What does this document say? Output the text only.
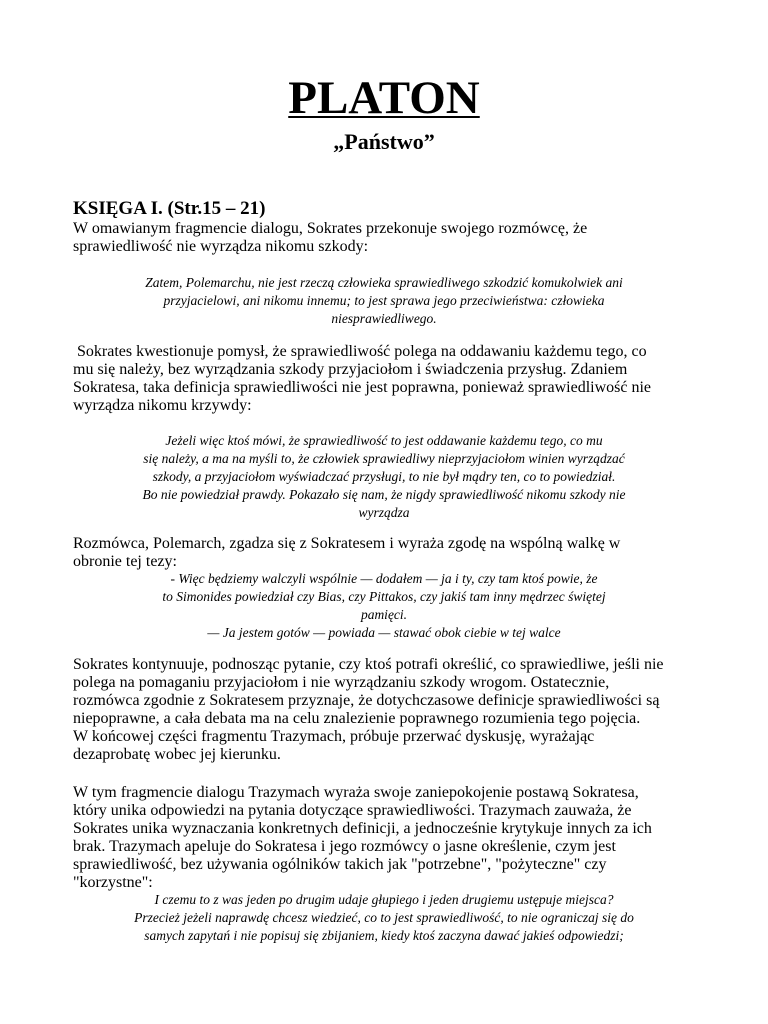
PLATON
„Państwo”
KSIĘGA I. (Str.15 – 21)

W omawianym fragmencie dialogu, Sokrates przekonuje swojego rozmówcę, że

sprawiedliwość nie wyrządza nikomu szkody:

Zatem, Polemarchu, nie jest rzeczą człowieka sprawiedliwego szkodzić komukolwiek ani

przyjacielowi, ani nikomu innemu; to jest sprawa jego przeciwieństwa: człowieka

niesprawiedliwego.

Sokrates kwestionuje pomysł, że sprawiedliwość polega na oddawaniu każdemu tego, co

mu się należy, bez wyrządzania szkody przyjaciołom i świadczenia przysług. Zdaniem

Sokratesa, taka definicja sprawiedliwości nie jest poprawna, ponieważ sprawiedliwość nie

wyrządza nikomu krzywdy:

Jeżeli więc ktoś mówi, że sprawiedliwość to jest oddawanie każdemu tego, co mu

się należy, a ma na myśli to, że człowiek sprawiedliwy nieprzyjaciołom winien wyrządzać

szkody, a przyjaciołom wyświadczać przysługi, to nie był mądry ten, co to powiedział.

Bo nie powiedział prawdy. Pokazało się nam, że nigdy sprawiedliwość nikomu szkody nie

wyrządza

Rozmówca, Polemarch, zgadza się z Sokratesem i wyraża zgodę na wspólną walkę w

obronie tej tezy:

- Więc będziemy walczyli wspólnie — dodałem — ja i ty, czy tam ktoś powie, że

to Simonides powiedział czy Bias, czy Pittakos, czy jakiś tam inny mędrzec świętej

pamięci.

— Ja jestem gotów — powiada — stawać obok ciebie w tej walce

Sokrates kontynuuje, podnosząc pytanie, czy ktoś potrafi określić, co sprawiedliwe, jeśli nie

polega na pomaganiu przyjaciołom i nie wyrządzaniu szkody wrogom. Ostatecznie,

rozmówca zgodnie z Sokratesem przyznaje, że dotychczasowe definicje sprawiedliwości są

niepoprawne, a cała debata ma na celu znalezienie poprawnego rozumienia tego pojęcia.

W końcowej części fragmentu Trazymach, próbuje przerwać dyskusję, wyrażając

dezaprobatę wobec jej kierunku.

W tym fragmencie dialogu Trazymach wyraża swoje zaniepokojenie postawą Sokratesa,

który unika odpowiedzi na pytania dotyczące sprawiedliwości. Trazymach zauważa, że

Sokrates unika wyznaczania konkretnych definicji, a jednocześnie krytykuje innych za ich

brak. Trazymach apeluje do Sokratesa i jego rozmówcy o jasne określenie, czym jest

sprawiedliwość, bez używania ogólników takich jak "potrzebne", "pożyteczne" czy

"korzystne":

I czemu to z was jeden po drugim udaje głupiego i jeden drugiemu ustępuje miejsca?

Przecież jeżeli naprawdę chcesz wiedzieć, co to jest sprawiedliwość, to nie ograniczaj się do

samych zapytań i nie popisuj się zbijaniem, kiedy ktoś zaczyna dawać jakieś odpowiedzi;
